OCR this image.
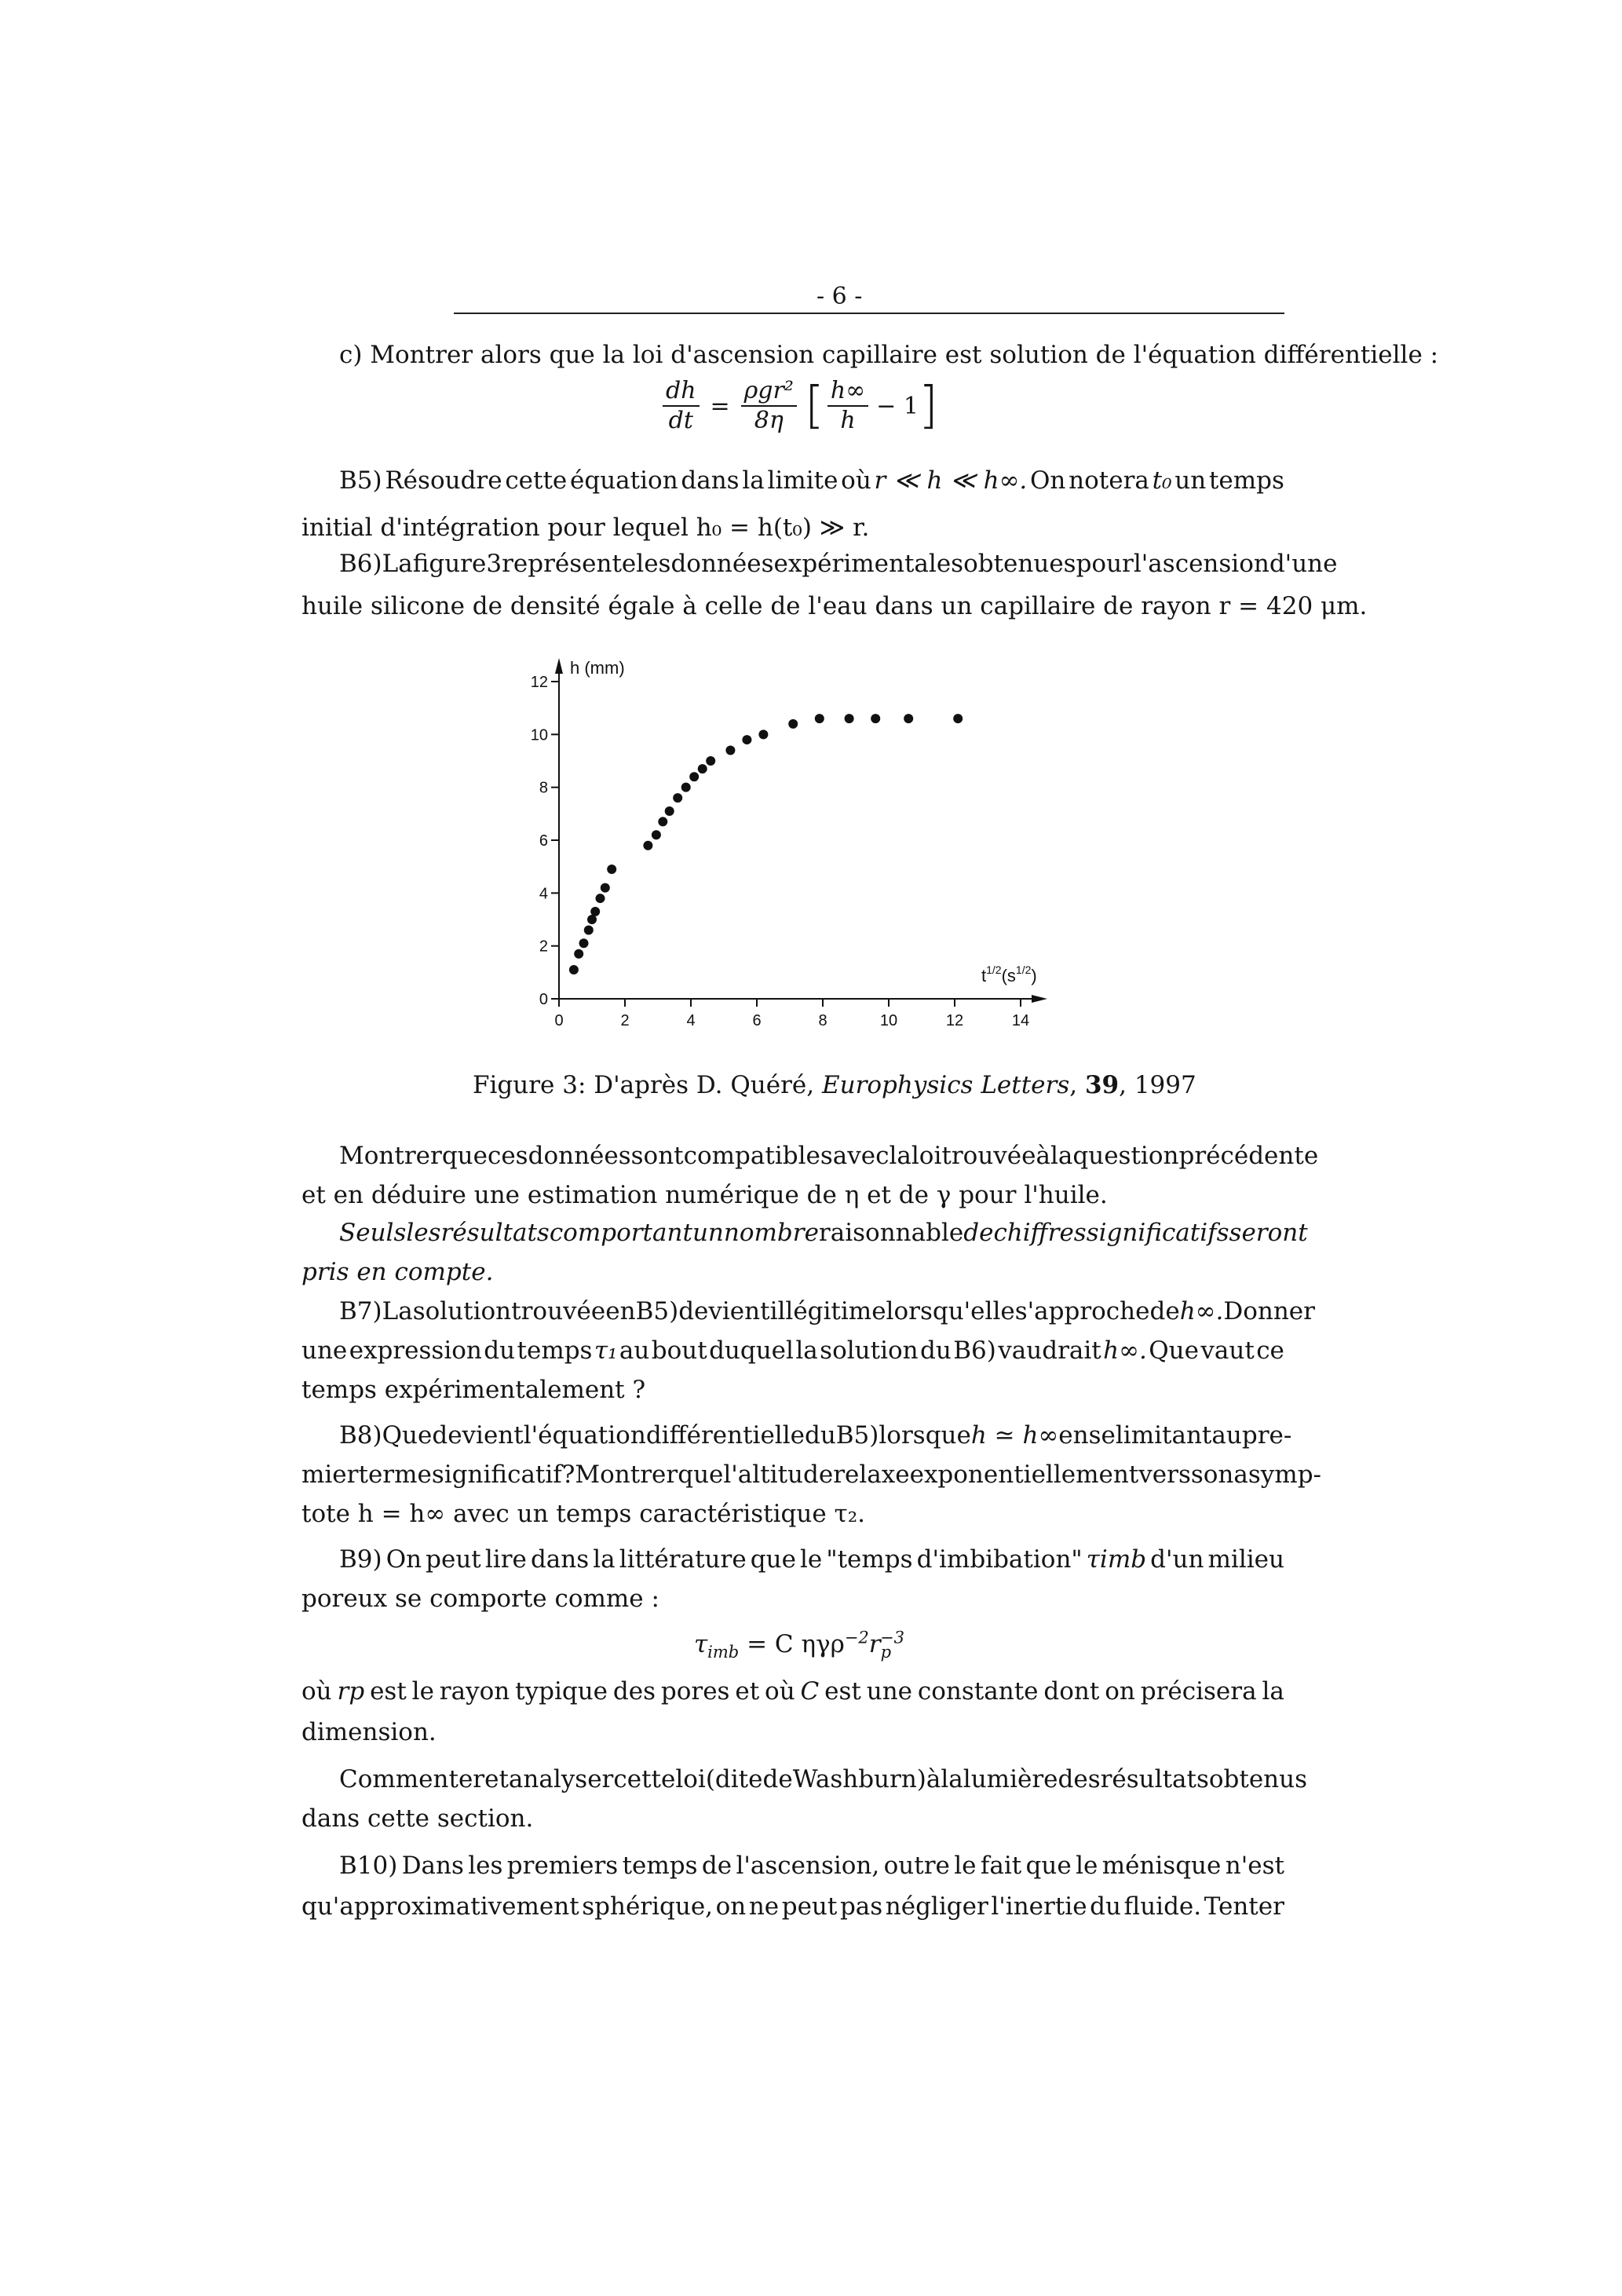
- 6 -
c) Montrer alors que la loi d'ascension capillaire est solution de l'équation différentielle :
$\frac{dh}{dt} = \frac{\text{ρgr²}}{8\eta}$ [ $\frac{h\infty}{h} - 1$ ]
B5) Résoudre cette équation dans la limite où r ≪ h ≪ h∞. On notera t₀ un temps
initial d'intégration pour lequel h₀ = h(t₀) ≫ r.
B6) La figure 3 représente les données expérimentales obtenues pour l'ascension d'une
huile silicone de densité égale à celle de l'eau dans un capillaire de rayon r = 420 μm.
0
2
4
6
8
10
12
0	2	4	6	8	10	12	14
h (mm)
$t^{1/2}(s^{1/2})$
Figure 3: D'après D. Quéré, Europhysics Letters, 39, 1997
Montrer que ces données sont compatibles avec la loi trouvée à la question précédente
et en déduire une estimation numérique de η et de γ pour l'huile.
Seuls les résultats comportant un nombre raisonnable de chiffres significatifs seront
pris en compte.
B7) La solution trouvée en B5) devient illégitime lorsqu'elle s'approche de h∞. Donner
une expression du temps τ₁ au bout duquel la solution du B6) vaudrait h∞. Que vaut ce
temps expérimentalement ?
B8) Que devient l'équation différentielle du B5) lorsque h ≃ h∞ en se limitant au pre-
mier terme significatif ? Montrer que l'altitude relaxe exponentiellement vers son asymp-
tote h = h∞ avec un temps caractéristique τ₂.
B9) On peut lire dans la littérature que le "temps d'imbibation" τimb d'un milieu
poreux se comporte comme :
$\tau_{imb} = C$ $\eta\gamma\rho^{-2}r_p^{-3}$
où rp est le rayon typique des pores et où C est une constante dont on précisera la
dimension.
Commenter et analyser cette loi (dite de Washburn) à la lumière des résultats obtenus
dans cette section.
B10) Dans les premiers temps de l'ascension, outre le fait que le ménisque n'est
qu'approximativement sphérique, on ne peut pas négliger l'inertie du fluide. Tenter
